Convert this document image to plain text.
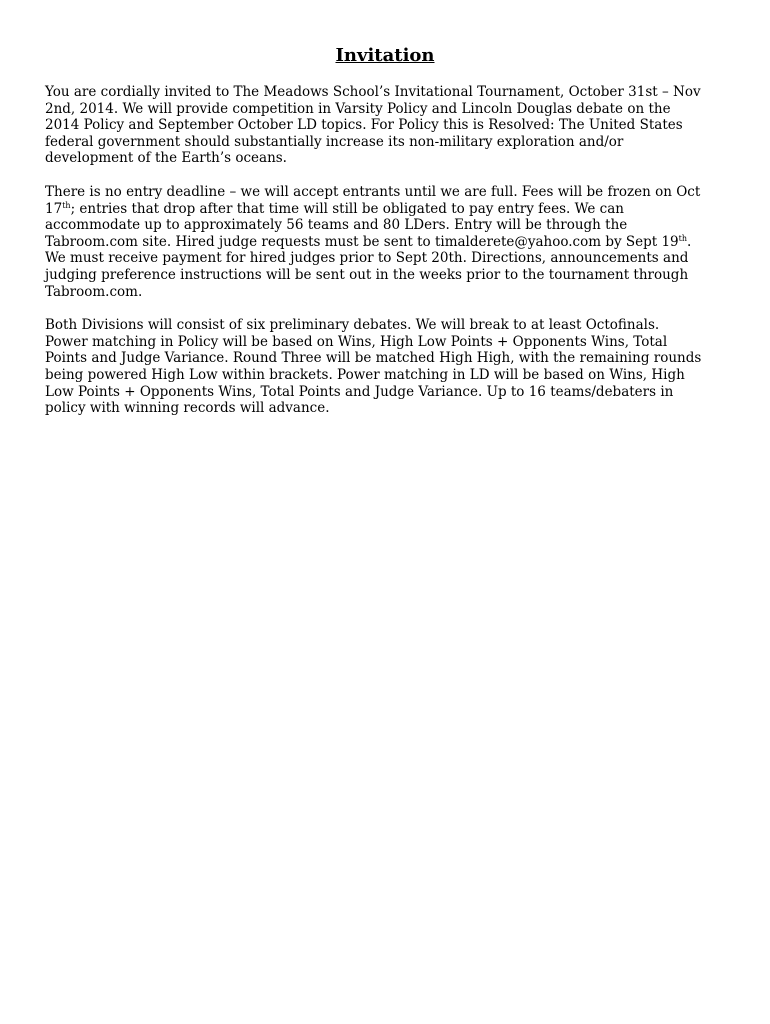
Invitation

You are cordially invited to The Meadows School’s Invitational Tournament, October 31st – Nov
2nd, 2014. We will provide competition in Varsity Policy and Lincoln Douglas debate on the
2014 Policy and September October LD topics. For Policy this is Resolved: The United States
federal government should substantially increase its non-military exploration and/or
development of the Earth’s oceans.

There is no entry deadline – we will accept entrants until we are full. Fees will be frozen on Oct
17th; entries that drop after that time will still be obligated to pay entry fees. We can
accommodate up to approximately 56 teams and 80 LDers. Entry will be through the
Tabroom.com site. Hired judge requests must be sent to timalderete@yahoo.com by Sept 19th.
We must receive payment for hired judges prior to Sept 20th. Directions, announcements and
judging preference instructions will be sent out in the weeks prior to the tournament through
Tabroom.com.

Both Divisions will consist of six preliminary debates. We will break to at least Octofinals.
Power matching in Policy will be based on Wins, High Low Points + Opponents Wins, Total
Points and Judge Variance. Round Three will be matched High High, with the remaining rounds
being powered High Low within brackets. Power matching in LD will be based on Wins, High
Low Points + Opponents Wins, Total Points and Judge Variance. Up to 16 teams/debaters in
policy with winning records will advance.
